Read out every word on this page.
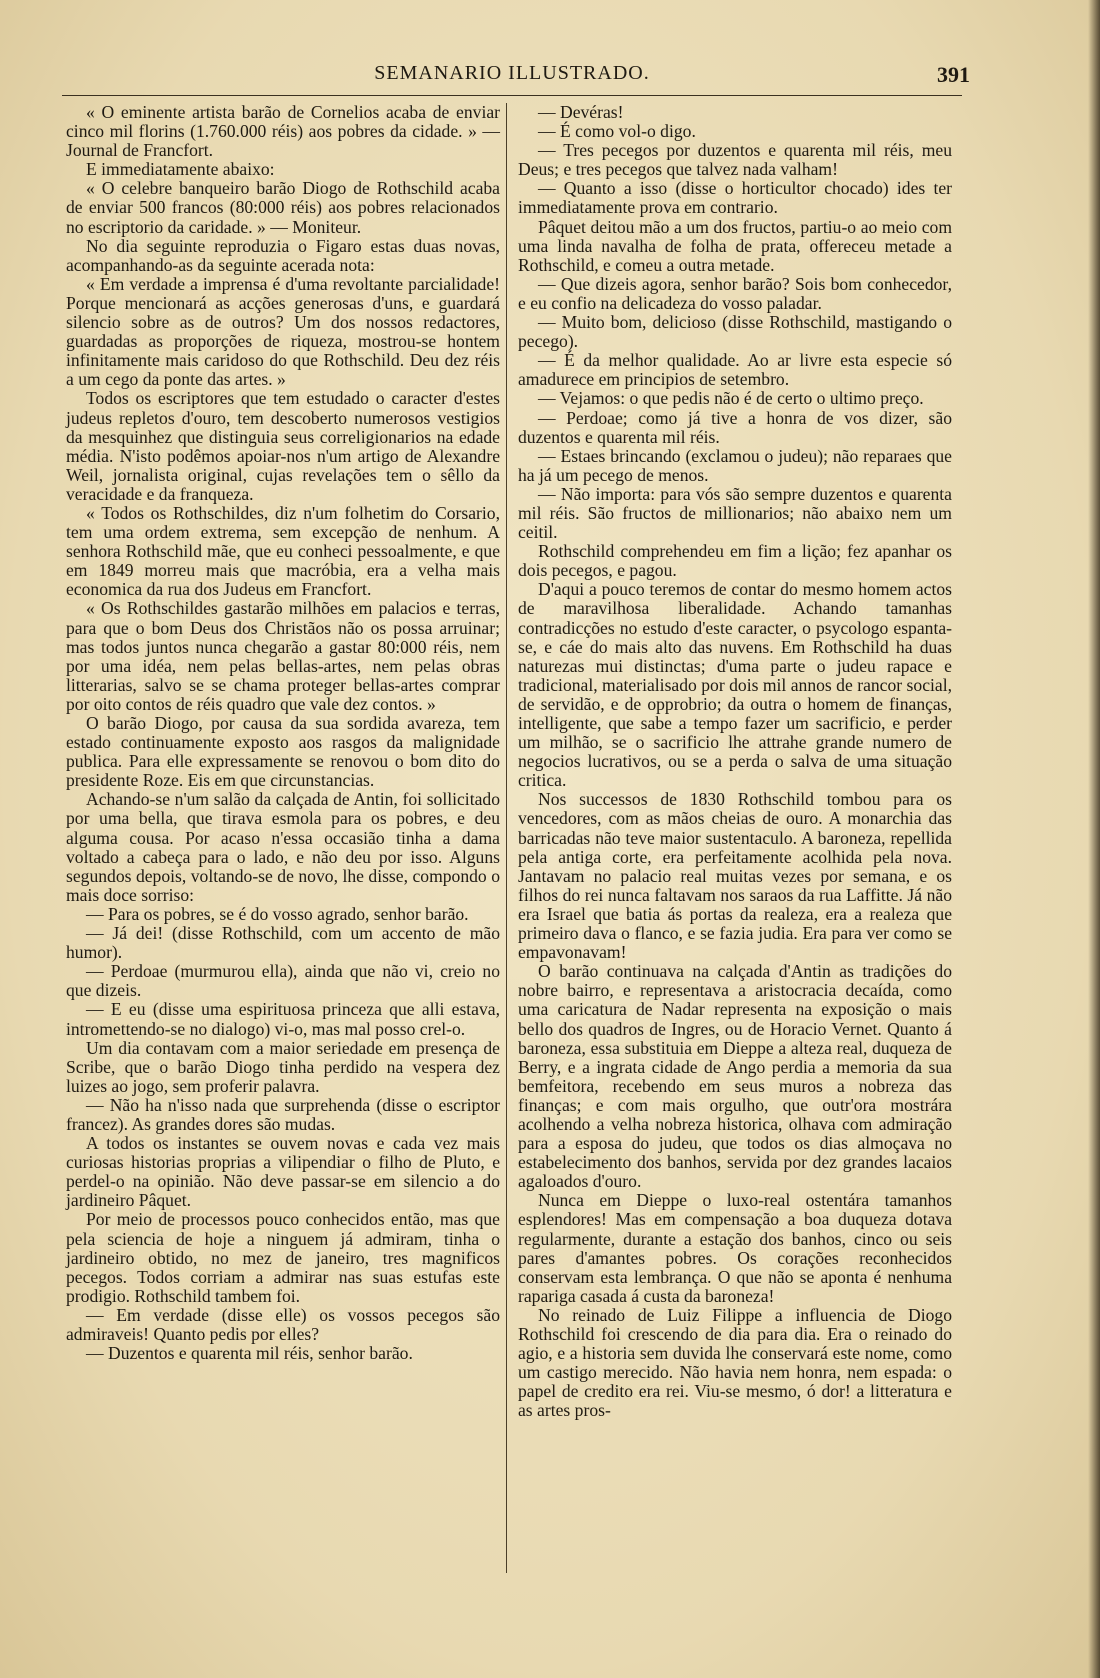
SEMANARIO ILLUSTRADO.	391

« O eminente artista barão de Cornelios acaba de enviar cinco mil florins (1.760.000 réis) aos pobres da cidade. » — Journal de Francfort.

E immediatamente abaixo:

« O celebre banqueiro barão Diogo de Rothschild acaba de enviar 500 francos (80:000 réis) aos pobres relacionados no escriptorio da caridade. » — Moniteur.

No dia seguinte reproduzia o Figaro estas duas novas, acompanhando-as da seguinte acerada nota:

« Em verdade a imprensa é d'uma revoltante parcialidade! Porque mencionará as acções generosas d'uns, e guardará silencio sobre as de outros? Um dos nossos redactores, guardadas as proporções de riqueza, mostrou-se hontem infinitamente mais caridoso do que Rothschild. Deu dez réis a um cego da ponte das artes. »

Todos os escriptores que tem estudado o caracter d'estes judeus repletos d'ouro, tem descoberto numerosos vestigios da mesquinhez que distinguia seus correligionarios na edade média. N'isto podêmos apoiar-nos n'um artigo de Alexandre Weil, jornalista original, cujas revelações tem o sêllo da veracidade e da franqueza.

« Todos os Rothschildes, diz n'um folhetim do Corsario, tem uma ordem extrema, sem excepção de nenhum. A senhora Rothschild mãe, que eu conheci pessoalmente, e que em 1849 morreu mais que macróbia, era a velha mais economica da rua dos Judeus em Francfort.

« Os Rothschildes gastarão milhões em palacios e terras, para que o bom Deus dos Christãos não os possa arruinar; mas todos juntos nunca chegarão a gastar 80:000 réis, nem por uma idéa, nem pelas bellas-artes, nem pelas obras litterarias, salvo se se chama proteger bellas-artes comprar por oito contos de réis quadro que vale dez contos. »

O barão Diogo, por causa da sua sordida avareza, tem estado continuamente exposto aos rasgos da malignidade publica. Para elle expressamente se renovou o bom dito do presidente Roze. Eis em que circunstancias.

Achando-se n'um salão da calçada de Antin, foi sollicitado por uma bella, que tirava esmola para os pobres, e deu alguma cousa. Por acaso n'essa occasião tinha a dama voltado a cabeça para o lado, e não deu por isso. Alguns segundos depois, voltando-se de novo, lhe disse, compondo o mais doce sorriso:

— Para os pobres, se é do vosso agrado, senhor barão.

— Já dei! (disse Rothschild, com um accento de mão humor).

— Perdoae (murmurou ella), ainda que não vi, creio no que dizeis.

— E eu (disse uma espirituosa princeza que alli estava, intromettendo-se no dialogo) vi-o, mas mal posso crel-o.

Um dia contavam com a maior seriedade em presença de Scribe, que o barão Diogo tinha perdido na vespera dez luizes ao jogo, sem proferir palavra.

— Não ha n'isso nada que surprehenda (disse o escriptor francez). As grandes dores são mudas.

A todos os instantes se ouvem novas e cada vez mais curiosas historias proprias a vilipendiar o filho de Pluto, e perdel-o na opinião. Não deve passar-se em silencio a do jardineiro Pâquet.

Por meio de processos pouco conhecidos então, mas que pela sciencia de hoje a ninguem já admiram, tinha o jardineiro obtido, no mez de janeiro, tres magnificos pecegos. Todos corriam a admirar nas suas estufas este prodigio. Rothschild tambem foi.

— Em verdade (disse elle) os vossos pecegos são admiraveis! Quanto pedis por elles?

— Duzentos e quarenta mil réis, senhor barão.

— Devéras!

— É como vol-o digo.

— Tres pecegos por duzentos e quarenta mil réis, meu Deus; e tres pecegos que talvez nada valham!

— Quanto a isso (disse o horticultor chocado) ides ter immediatamente prova em contrario.

Pâquet deitou mão a um dos fructos, partiu-o ao meio com uma linda navalha de folha de prata, offereceu metade a Rothschild, e comeu a outra metade.

— Que dizeis agora, senhor barão? Sois bom conhecedor, e eu confio na delicadeza do vosso paladar.

— Muito bom, delicioso (disse Rothschild, mastigando o pecego).

— É da melhor qualidade. Ao ar livre esta especie só amadurece em principios de setembro.

— Vejamos: o que pedis não é de certo o ultimo preço.

— Perdoae; como já tive a honra de vos dizer, são duzentos e quarenta mil réis.

— Estaes brincando (exclamou o judeu); não reparaes que ha já um pecego de menos.

— Não importa: para vós são sempre duzentos e quarenta mil réis. São fructos de millionarios; não abaixo nem um ceitil.

Rothschild comprehendeu em fim a lição; fez apanhar os dois pecegos, e pagou.

D'aqui a pouco teremos de contar do mesmo homem actos de maravilhosa liberalidade. Achando tamanhas contradicções no estudo d'este caracter, o psycologo espanta-se, e cáe do mais alto das nuvens. Em Rothschild ha duas naturezas mui distinctas; d'uma parte o judeu rapace e tradicional, materialisado por dois mil annos de rancor social, de servidão, e de opprobrio; da outra o homem de finanças, intelligente, que sabe a tempo fazer um sacrificio, e perder um milhão, se o sacrificio lhe attrahe grande numero de negocios lucrativos, ou se a perda o salva de uma situação critica.

Nos successos de 1830 Rothschild tombou para os vencedores, com as mãos cheias de ouro. A monarchia das barricadas não teve maior sustentaculo. A baroneza, repellida pela antiga corte, era perfeitamente acolhida pela nova. Jantavam no palacio real muitas vezes por semana, e os filhos do rei nunca faltavam nos saraos da rua Laffitte. Já não era Israel que batia ás portas da realeza, era a realeza que primeiro dava o flanco, e se fazia judia. Era para ver como se empavonavam!

O barão continuava na calçada d'Antin as tradições do nobre bairro, e representava a aristocracia decaída, como uma caricatura de Nadar representa na exposição o mais bello dos quadros de Ingres, ou de Horacio Vernet. Quanto á baroneza, essa substituia em Dieppe a alteza real, duqueza de Berry, e a ingrata cidade de Ango perdia a memoria da sua bemfeitora, recebendo em seus muros a nobreza das finanças; e com mais orgulho, que outr'ora mostrára acolhendo a velha nobreza historica, olhava com admiração para a esposa do judeu, que todos os dias almoçava no estabelecimento dos banhos, servida por dez grandes lacaios agaloados d'ouro.

Nunca em Dieppe o luxo-real ostentára tamanhos esplendores! Mas em compensação a boa duqueza dotava regularmente, durante a estação dos banhos, cinco ou seis pares d'amantes pobres. Os corações reconhecidos conservam esta lembrança. O que não se aponta é nenhuma rapariga casada á custa da baroneza!

No reinado de Luiz Filippe a influencia de Diogo Rothschild foi crescendo de dia para dia. Era o reinado do agio, e a historia sem duvida lhe conservará este nome, como um castigo merecido. Não havia nem honra, nem espada: o papel de credito era rei. Viu-se mesmo, ó dor! a litteratura e as artes pros-
